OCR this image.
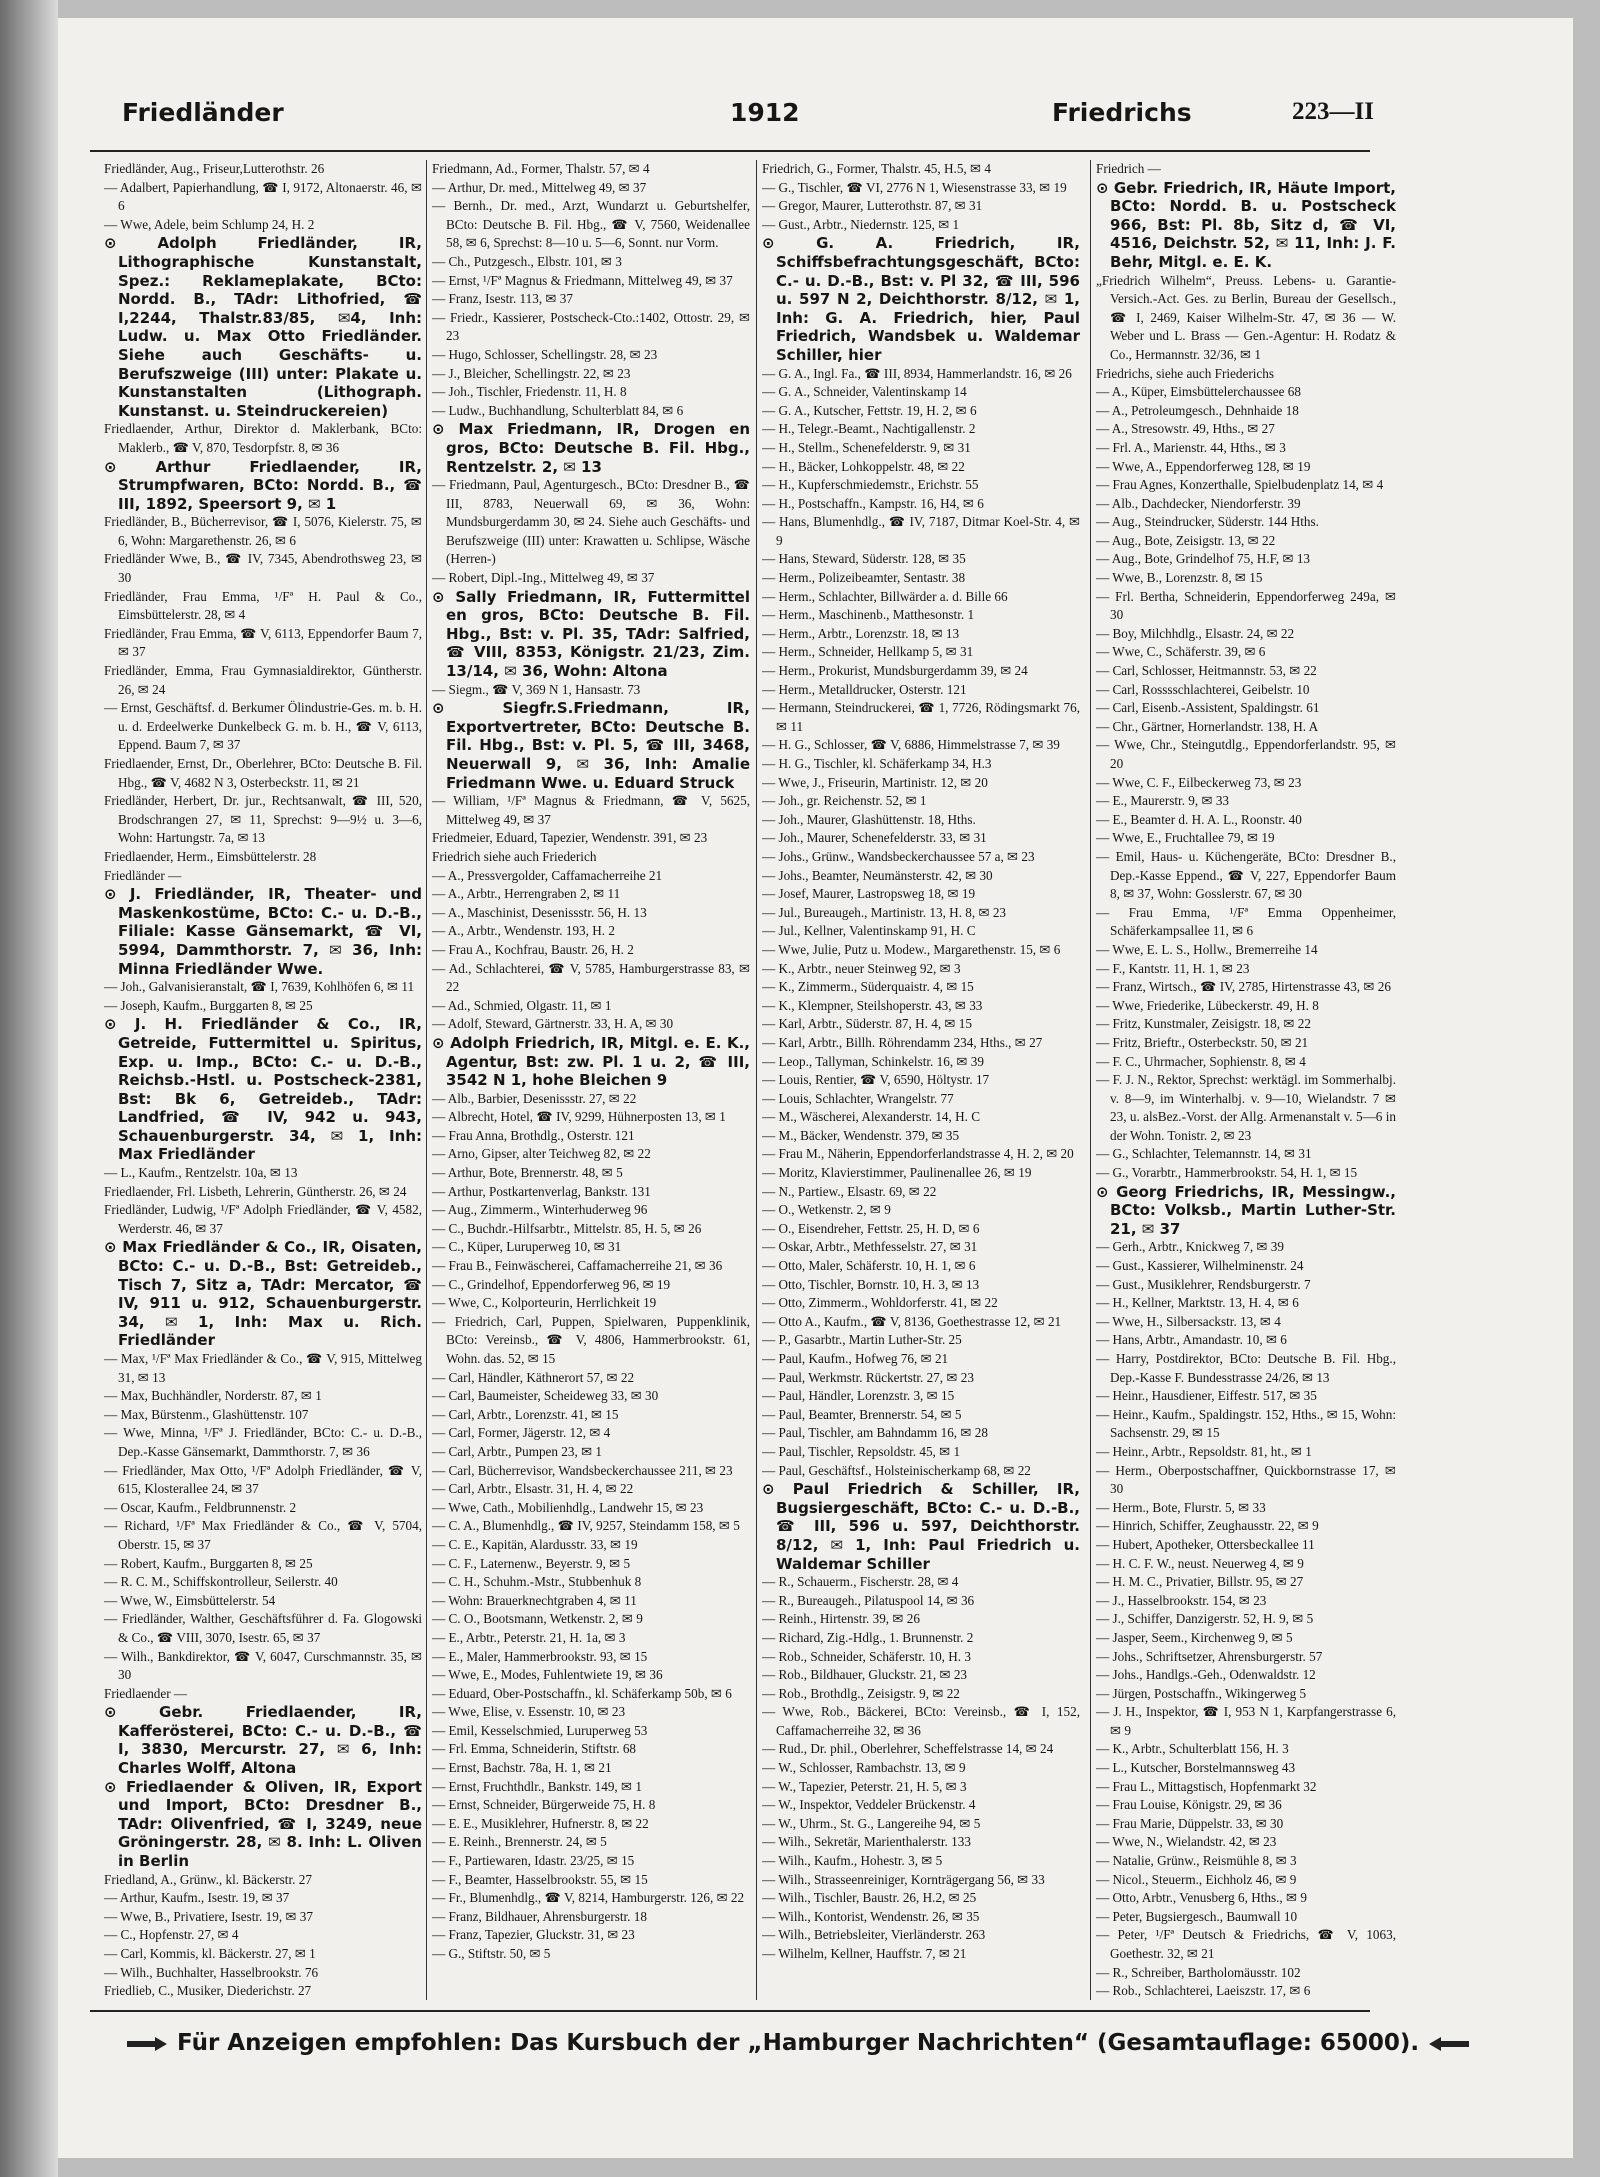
Friedländer	1912	Friedrichs	223—II

Friedländer, Aug., Friseur,Lutterothstr. 26

— Adalbert, Papierhandlung, ☎ I, 9172, Altonaerstr. 46, ✉ 6

— Wwe, Adele, beim Schlump 24, H. 2

⊙ Adolph Friedländer, IR, Lithographische Kunstanstalt, Spez.: Reklameplakate, BCto: Nordd. B., TAdr: Lithofried, ☎ I,2244, Thalstr.83/85, ✉4, Inh: Ludw. u. Max Otto Friedländer. Siehe auch Geschäfts- u. Berufszweige (III) unter: Plakate u. Kunstanstalten (Lithograph. Kunstanst. u. Steindruckereien)

Friedlaender, Arthur, Direktor d. Maklerbank, BCto: Maklerb., ☎ V, 870, Tesdorpfstr. 8, ✉ 36

⊙ Arthur Friedlaender, IR, Strumpfwaren, BCto: Nordd. B., ☎ III, 1892, Speersort 9, ✉ 1

Friedländer, B., Bücherrevisor, ☎ I, 5076, Kielerstr. 75, ✉ 6, Wohn: Margarethenstr. 26, ✉ 6

Friedländer Wwe, B., ☎ IV, 7345, Abendrothsweg 23, ✉ 30

Friedländer, Frau Emma, ¹/Fª H. Paul & Co., Eimsbüttelerstr. 28, ✉ 4

Friedländer, Frau Emma, ☎ V, 6113, Eppendorfer Baum 7, ✉ 37

Friedländer, Emma, Frau Gymnasialdirektor, Güntherstr. 26, ✉ 24

— Ernst, Geschäftsf. d. Berkumer Ölindustrie-Ges. m. b. H. u. d. Erdeelwerke Dunkelbeck G. m. b. H., ☎ V, 6113, Eppend. Baum 7, ✉ 37

Friedlaender, Ernst, Dr., Oberlehrer, BCto: Deutsche B. Fil. Hbg., ☎ V, 4682 N 3, Osterbeckstr. 11, ✉ 21

Friedländer, Herbert, Dr. jur., Rechtsanwalt, ☎ III, 520, Brodschrangen 27, ✉ 11, Sprechst: 9—9½ u. 3—6, Wohn: Hartungstr. 7a, ✉ 13

Friedlaender, Herm., Eimsbüttelerstr. 28

Friedländer —

⊙ J. Friedländer, IR, Theater- und Maskenkostüme, BCto: C.- u. D.-B., Filiale: Kasse Gänsemarkt, ☎ VI, 5994, Dammthorstr. 7, ✉ 36, Inh: Minna Friedländer Wwe.

— Joh., Galvanisieranstalt, ☎ I, 7639, Kohlhöfen 6, ✉ 11

— Joseph, Kaufm., Burggarten 8, ✉ 25

⊙ J. H. Friedländer & Co., IR, Getreide, Futtermittel u. Spiritus, Exp. u. Imp., BCto: C.- u. D.-B., Reichsb.-Hstl. u. Postscheck-2381, Bst: Bk 6, Getreideb., TAdr: Landfried, ☎ IV, 942 u. 943, Schauenburgerstr. 34, ✉ 1, Inh: Max Friedländer

— L., Kaufm., Rentzelstr. 10a, ✉ 13

Friedlaender, Frl. Lisbeth, Lehrerin, Güntherstr. 26, ✉ 24

Friedländer, Ludwig, ¹/Fª Adolph Friedländer, ☎ V, 4582, Werderstr. 46, ✉ 37

⊙ Max Friedländer & Co., IR, Oisaten, BCto: C.- u. D.-B., Bst: Getreideb., Tisch 7, Sitz a, TAdr: Mercator, ☎ IV, 911 u. 912, Schauenburgerstr. 34, ✉ 1, Inh: Max u. Rich. Friedländer

— Max, ¹/Fª Max Friedländer & Co., ☎ V, 915, Mittelweg 31, ✉ 13

— Max, Buchhändler, Norderstr. 87, ✉ 1

— Max, Bürstenm., Glashüttenstr. 107

— Wwe, Minna, ¹/Fª J. Friedländer, BCto: C.- u. D.-B., Dep.-Kasse Gänsemarkt, Dammthorstr. 7, ✉ 36

— Friedländer, Max Otto, ¹/Fª Adolph Friedländer, ☎ V, 615, Klosterallee 24, ✉ 37

— Oscar, Kaufm., Feldbrunnenstr. 2

— Richard, ¹/Fª Max Friedländer & Co., ☎ V, 5704, Oberstr. 15, ✉ 37

— Robert, Kaufm., Burggarten 8, ✉ 25

— R. C. M., Schiffskontrolleur, Seilerstr. 40

— Wwe, W., Eimsbüttelerstr. 54

— Friedländer, Walther, Geschäftsführer d. Fa. Glogowski & Co., ☎ VIII, 3070, Isestr. 65, ✉ 37

— Wilh., Bankdirektor, ☎ V, 6047, Curschmannstr. 35, ✉ 30

Friedlaender —

⊙ Gebr. Friedlaender, IR, Kafferösterei, BCto: C.- u. D.-B., ☎ I, 3830, Mercurstr. 27, ✉ 6, Inh: Charles Wolff, Altona

⊙ Friedlaender & Oliven, IR, Export und Import, BCto: Dresdner B., TAdr: Olivenfried, ☎ I, 3249, neue Gröningerstr. 28, ✉ 8. Inh: L. Oliven in Berlin

Friedland, A., Grünw., kl. Bäckerstr. 27

— Arthur, Kaufm., Isestr. 19, ✉ 37

— Wwe, B., Privatiere, Isestr. 19, ✉ 37

— C., Hopfenstr. 27, ✉ 4

— Carl, Kommis, kl. Bäckerstr. 27, ✉ 1

— Wilh., Buchhalter, Hasselbrookstr. 76

Friedlieb, C., Musiker, Diederichstr. 27

Friedmann, Ad., Former, Thalstr. 57, ✉ 4

— Arthur, Dr. med., Mittelweg 49, ✉ 37

— Bernh., Dr. med., Arzt, Wundarzt u. Geburtshelfer, BCto: Deutsche B. Fil. Hbg., ☎ V, 7560, Weidenallee 58, ✉ 6, Sprechst: 8—10 u. 5—6, Sonnt. nur Vorm.

— Ch., Putzgesch., Elbstr. 101, ✉ 3

— Ernst, ¹/Fª Magnus & Friedmann, Mittelweg 49, ✉ 37

— Franz, Isestr. 113, ✉ 37

— Friedr., Kassierer, Postscheck-Cto.:1402, Ottostr. 29, ✉ 23

— Hugo, Schlosser, Schellingstr. 28, ✉ 23

— J., Bleicher, Schellingstr. 22, ✉ 23

— Joh., Tischler, Friedenstr. 11, H. 8

— Ludw., Buchhandlung, Schulterblatt 84, ✉ 6

⊙ Max Friedmann, IR, Drogen en gros, BCto: Deutsche B. Fil. Hbg., Rentzelstr. 2, ✉ 13

— Friedmann, Paul, Agenturgesch., BCto: Dresdner B., ☎ III, 8783, Neuerwall 69, ✉ 36, Wohn: Mundsburgerdamm 30, ✉ 24. Siehe auch Geschäfts- und Berufszweige (III) unter: Krawatten u. Schlipse, Wäsche (Herren-)

— Robert, Dipl.-Ing., Mittelweg 49, ✉ 37

⊙ Sally Friedmann, IR, Futtermittel en gros, BCto: Deutsche B. Fil. Hbg., Bst: v. Pl. 35, TAdr: Salfried, ☎ VIII, 8353, Königstr. 21/23, Zim. 13/14, ✉ 36, Wohn: Altona

— Siegm., ☎ V, 369 N 1, Hansastr. 73

⊙ Siegfr.S.Friedmann, IR, Exportvertreter, BCto: Deutsche B. Fil. Hbg., Bst: v. Pl. 5, ☎ III, 3468, Neuerwall 9, ✉ 36, Inh: Amalie Friedmann Wwe. u. Eduard Struck

— William, ¹/Fª Magnus & Friedmann, ☎ V, 5625, Mittelweg 49, ✉ 37

Friedmeier, Eduard, Tapezier, Wendenstr. 391, ✉ 23

Friedrich siehe auch Friederich

— A., Pressvergolder, Caffamacherreihe 21

— A., Arbtr., Herrengraben 2, ✉ 11

— A., Maschinist, Desenissstr. 56, H. 13

— A., Arbtr., Wendenstr. 193, H. 2

— Frau A., Kochfrau, Baustr. 26, H. 2

— Ad., Schlachterei, ☎ V, 5785, Hamburgerstrasse 83, ✉ 22

— Ad., Schmied, Olgastr. 11, ✉ 1

— Adolf, Steward, Gärtnerstr. 33, H. A, ✉ 30

⊙ Adolph Friedrich, IR, Mitgl. e. E. K., Agentur, Bst: zw. Pl. 1 u. 2, ☎ III, 3542 N 1, hohe Bleichen 9

— Alb., Barbier, Desenissstr. 27, ✉ 22

— Albrecht, Hotel, ☎ IV, 9299, Hühnerposten 13, ✉ 1

— Frau Anna, Brothdlg., Osterstr. 121

— Arno, Gipser, alter Teichweg 82, ✉ 22

— Arthur, Bote, Brennerstr. 48, ✉ 5

— Arthur, Postkartenverlag, Bankstr. 131

— Aug., Zimmerm., Winterhuderweg 96

— C., Buchdr.-Hilfsarbtr., Mittelstr. 85, H. 5, ✉ 26

— C., Küper, Luruperweg 10, ✉ 31

— Frau B., Feinwäscherei, Caffamacherreihe 21, ✉ 36

— C., Grindelhof, Eppendorferweg 96, ✉ 19

— Wwe, C., Kolporteurin, Herrlichkeit 19

— Friedrich, Carl, Puppen, Spielwaren, Puppenklinik, BCto: Vereinsb., ☎ V, 4806, Hammerbrookstr. 61, Wohn. das. 52, ✉ 15

— Carl, Händler, Käthnerort 57, ✉ 22

— Carl, Baumeister, Scheideweg 33, ✉ 30

— Carl, Arbtr., Lorenzstr. 41, ✉ 15

— Carl, Former, Jägerstr. 12, ✉ 4

— Carl, Arbtr., Pumpen 23, ✉ 1

— Carl, Bücherrevisor, Wandsbeckerchaussee 211, ✉ 23

— Carl, Arbtr., Elsastr. 31, H. 4, ✉ 22

— Wwe, Cath., Mobilienhdlg., Landwehr 15, ✉ 23

— C. A., Blumenhdlg., ☎ IV, 9257, Steindamm 158, ✉ 5

— C. E., Kapitän, Alardusstr. 33, ✉ 19

— C. F., Laternenw., Beyerstr. 9, ✉ 5

— C. H., Schuhm.-Mstr., Stubbenhuk 8

— Wohn: Brauerknechtgraben 4, ✉ 11

— C. O., Bootsmann, Wetkenstr. 2, ✉ 9

— E., Arbtr., Peterstr. 21, H. 1a, ✉ 3

— E., Maler, Hammerbrookstr. 93, ✉ 15

— Wwe, E., Modes, Fuhlentwiete 19, ✉ 36

— Eduard, Ober-Postschaffn., kl. Schäferkamp 50b, ✉ 6

— Wwe, Elise, v. Essenstr. 10, ✉ 23

— Emil, Kesselschmied, Luruperweg 53

— Frl. Emma, Schneiderin, Stiftstr. 68

— Ernst, Bachstr. 78a, H. 1, ✉ 21

— Ernst, Fruchthdlr., Bankstr. 149, ✉ 1

— Ernst, Schneider, Bürgerweide 75, H. 8

— E. E., Musiklehrer, Hufnerstr. 8, ✉ 22

— E. Reinh., Brennerstr. 24, ✉ 5

— F., Partiewaren, Idastr. 23/25, ✉ 15

— F., Beamter, Hasselbrookstr. 55, ✉ 15

— Fr., Blumenhdlg., ☎ V, 8214, Hamburgerstr. 126, ✉ 22

— Franz, Bildhauer, Ahrensburgerstr. 18

— Franz, Tapezier, Gluckstr. 31, ✉ 23

— G., Stiftstr. 50, ✉ 5

Friedrich, G., Former, Thalstr. 45, H.5, ✉ 4

— G., Tischler, ☎ VI, 2776 N 1, Wiesenstrasse 33, ✉ 19

— Gregor, Maurer, Lutterothstr. 87, ✉ 31

— Gust., Arbtr., Niedernstr. 125, ✉ 1

⊙ G. A. Friedrich, IR, Schiffsbefrachtungsgeschäft, BCto: C.- u. D.-B., Bst: v. Pl 32, ☎ III, 596 u. 597 N 2, Deichthorstr. 8/12, ✉ 1, Inh: G. A. Friedrich, hier, Paul Friedrich, Wandsbek u. Waldemar Schiller, hier

— G. A., Ingl. Fa., ☎ III, 8934, Hammerlandstr. 16, ✉ 26

— G. A., Schneider, Valentinskamp 14

— G. A., Kutscher, Fettstr. 19, H. 2, ✉ 6

— H., Telegr.-Beamt., Nachtigallenstr. 2

— H., Stellm., Schenefelderstr. 9, ✉ 31

— H., Bäcker, Lohkoppelstr. 48, ✉ 22

— H., Kupferschmiedemstr., Erichstr. 55

— H., Postschaffn., Kampstr. 16, H4, ✉ 6

— Hans, Blumenhdlg., ☎ IV, 7187, Ditmar Koel-Str. 4, ✉ 9

— Hans, Steward, Süderstr. 128, ✉ 35

— Herm., Polizeibeamter, Sentastr. 38

— Herm., Schlachter, Billwärder a. d. Bille 66

— Herm., Maschinenb., Matthesonstr. 1

— Herm., Arbtr., Lorenzstr. 18, ✉ 13

— Herm., Schneider, Hellkamp 5, ✉ 31

— Herm., Prokurist, Mundsburgerdamm 39, ✉ 24

— Herm., Metalldrucker, Osterstr. 121

— Hermann, Steindruckerei, ☎ 1, 7726, Rödingsmarkt 76, ✉ 11

— H. G., Schlosser, ☎ V, 6886, Himmelstrasse 7, ✉ 39

— H. G., Tischler, kl. Schäferkamp 34, H.3

— Wwe, J., Friseurin, Martinistr. 12, ✉ 20

— Joh., gr. Reichenstr. 52, ✉ 1

— Joh., Maurer, Glashüttenstr. 18, Hths.

— Joh., Maurer, Schenefelderstr. 33, ✉ 31

— Johs., Grünw., Wandsbeckerchaussee 57 a, ✉ 23

— Johs., Beamter, Neumänsterstr. 42, ✉ 30

— Josef, Maurer, Lastropsweg 18, ✉ 19

— Jul., Bureaugeh., Martinistr. 13, H. 8, ✉ 23

— Jul., Kellner, Valentinskamp 91, H. C

— Wwe, Julie, Putz u. Modew., Margarethenstr. 15, ✉ 6

— K., Arbtr., neuer Steinweg 92, ✉ 3

— K., Zimmerm., Süderquaistr. 4, ✉ 15

— K., Klempner, Steilshoperstr. 43, ✉ 33

— Karl, Arbtr., Süderstr. 87, H. 4, ✉ 15

— Karl, Arbtr., Billh. Röhrendamm 234, Hths., ✉ 27

— Leop., Tallyman, Schinkelstr. 16, ✉ 39

— Louis, Rentier, ☎ V, 6590, Höltystr. 17

— Louis, Schlachter, Wrangelstr. 77

— M., Wäscherei, Alexanderstr. 14, H. C

— M., Bäcker, Wendenstr. 379, ✉ 35

— Frau M., Näherin, Eppendorferlandstrasse 4, H. 2, ✉ 20

— Moritz, Klavierstimmer, Paulinenallee 26, ✉ 19

— N., Partiew., Elsastr. 69, ✉ 22

— O., Wetkenstr. 2, ✉ 9

— O., Eisendreher, Fettstr. 25, H. D, ✉ 6

— Oskar, Arbtr., Methfesselstr. 27, ✉ 31

— Otto, Maler, Schäferstr. 10, H. 1, ✉ 6

— Otto, Tischler, Bornstr. 10, H. 3, ✉ 13

— Otto, Zimmerm., Wohldorferstr. 41, ✉ 22

— Otto A., Kaufm., ☎ V, 8136, Goethestrasse 12, ✉ 21

— P., Gasarbtr., Martin Luther-Str. 25

— Paul, Kaufm., Hofweg 76, ✉ 21

— Paul, Werkmstr. Rückertstr. 27, ✉ 23

— Paul, Händler, Lorenzstr. 3, ✉ 15

— Paul, Beamter, Brennerstr. 54, ✉ 5

— Paul, Tischler, am Bahndamm 16, ✉ 28

— Paul, Tischler, Repsoldstr. 45, ✉ 1

— Paul, Geschäftsf., Holsteinischerkamp 68, ✉ 22

⊙ Paul Friedrich & Schiller, IR, Bugsiergeschäft, BCto: C.- u. D.-B., ☎ III, 596 u. 597, Deichthorstr. 8/12, ✉ 1, Inh: Paul Friedrich u. Waldemar Schiller

— R., Schauerm., Fischerstr. 28, ✉ 4

— R., Bureaugeh., Pilatuspool 14, ✉ 36

— Reinh., Hirtenstr. 39, ✉ 26

— Richard, Zig.-Hdlg., 1. Brunnenstr. 2

— Rob., Schneider, Schäferstr. 10, H. 3

— Rob., Bildhauer, Gluckstr. 21, ✉ 23

— Rob., Brothdlg., Zeisigstr. 9, ✉ 22

— Wwe, Rob., Bäckerei, BCto: Vereinsb., ☎ I, 152, Caffamacherreihe 32, ✉ 36

— Rud., Dr. phil., Oberlehrer, Scheffelstrasse 14, ✉ 24

— W., Schlosser, Rambachstr. 13, ✉ 9

— W., Tapezier, Peterstr. 21, H. 5, ✉ 3

— W., Inspektor, Veddeler Brückenstr. 4

— W., Uhrm., St. G., Langereihe 94, ✉ 5

— Wilh., Sekretär, Marienthalerstr. 133

— Wilh., Kaufm., Hohestr. 3, ✉ 5

— Wilh., Strasseenreiniger, Kornträgergang 56, ✉ 33

— Wilh., Tischler, Baustr. 26, H.2, ✉ 25

— Wilh., Kontorist, Wendenstr. 26, ✉ 35

— Wilh., Betriebsleiter, Vierländerstr. 263

— Wilhelm, Kellner, Hauffstr. 7, ✉ 21

Friedrich —

⊙ Gebr. Friedrich, IR, Häute Import, BCto: Nordd. B. u. Postscheck 966, Bst: Pl. 8b, Sitz d, ☎ VI, 4516, Deichstr. 52, ✉ 11, Inh: J. F. Behr, Mitgl. e. E. K.

„Friedrich Wilhelm“, Preuss. Lebens- u. Garantie-Versich.-Act. Ges. zu Berlin, Bureau der Gesellsch., ☎ I, 2469, Kaiser Wilhelm-Str. 47, ✉ 36 — W. Weber und L. Brass — Gen.-Agentur: H. Rodatz & Co., Hermannstr. 32/36, ✉ 1

Friedrichs, siehe auch Friederichs

— A., Küper, Eimsbüttelerchaussee 68

— A., Petroleumgesch., Dehnhaide 18

— A., Stresowstr. 49, Hths., ✉ 27

— Frl. A., Marienstr. 44, Hths., ✉ 3

— Wwe, A., Eppendorferweg 128, ✉ 19

— Frau Agnes, Konzerthalle, Spielbudenplatz 14, ✉ 4

— Alb., Dachdecker, Niendorferstr. 39

— Aug., Steindrucker, Süderstr. 144 Hths.

— Aug., Bote, Zeisigstr. 13, ✉ 22

— Aug., Bote, Grindelhof 75, H.F, ✉ 13

— Wwe, B., Lorenzstr. 8, ✉ 15

— Frl. Bertha, Schneiderin, Eppendorferweg 249a, ✉ 30

— Boy, Milchhdlg., Elsastr. 24, ✉ 22

— Wwe, C., Schäferstr. 39, ✉ 6

— Carl, Schlosser, Heitmannstr. 53, ✉ 22

— Carl, Rosssschlachterei, Geibelstr. 10

— Carl, Eisenb.-Assistent, Spaldingstr. 61

— Chr., Gärtner, Hornerlandstr. 138, H. A

— Wwe, Chr., Steingutdlg., Eppendorferlandstr. 95, ✉ 20

— Wwe, C. F., Eilbeckerweg 73, ✉ 23

— E., Maurerstr. 9, ✉ 33

— E., Beamter d. H. A. L., Roonstr. 40

— Wwe, E., Fruchtallee 79, ✉ 19

— Emil, Haus- u. Küchengeräte, BCto: Dresdner B., Dep.-Kasse Eppend., ☎ V, 227, Eppendorfer Baum 8, ✉ 37, Wohn: Gosslerstr. 67, ✉ 30

— Frau Emma, ¹/Fª Emma Oppenheimer, Schäferkampsallee 11, ✉ 6

— Wwe, E. L. S., Hollw., Bremerreihe 14

— F., Kantstr. 11, H. 1, ✉ 23

— Franz, Wirtsch., ☎ IV, 2785, Hirtenstrasse 43, ✉ 26

— Wwe, Friederike, Lübeckerstr. 49, H. 8

— Fritz, Kunstmaler, Zeisigstr. 18, ✉ 22

— Fritz, Brieftr., Osterbeckstr. 50, ✉ 21

— F. C., Uhrmacher, Sophienstr. 8, ✉ 4

— F. J. N., Rektor, Sprechst: werktägl. im Sommerhalbj. v. 8—9, im Winterhalbj. v. 9—10, Wielandstr. 7 ✉ 23, u. alsBez.-Vorst. der Allg. Armenanstalt v. 5—6 in der Wohn. Tonistr. 2, ✉ 23

— G., Schlachter, Telemannstr. 14, ✉ 31

— G., Vorarbtr., Hammerbrookstr. 54, H. 1, ✉ 15

⊙ Georg Friedrichs, IR, Messingw., BCto: Volksb., Martin Luther-Str. 21, ✉ 37

— Gerh., Arbtr., Knickweg 7, ✉ 39

— Gust., Kassierer, Wilhelminenstr. 24

— Gust., Musiklehrer, Rendsburgerstr. 7

— H., Kellner, Marktstr. 13, H. 4, ✉ 6

— Wwe, H., Silbersackstr. 13, ✉ 4

— Hans, Arbtr., Amandastr. 10, ✉ 6

— Harry, Postdirektor, BCto: Deutsche B. Fil. Hbg., Dep.-Kasse F. Bundesstrasse 24/26, ✉ 13

— Heinr., Hausdiener, Eiffestr. 517, ✉ 35

— Heinr., Kaufm., Spaldingstr. 152, Hths., ✉ 15, Wohn: Sachsenstr. 29, ✉ 15

— Heinr., Arbtr., Repsoldstr. 81, ht., ✉ 1

— Herm., Oberpostschaffner, Quickbornstrasse 17, ✉ 30

— Herm., Bote, Flurstr. 5, ✉ 33

— Hinrich, Schiffer, Zeughausstr. 22, ✉ 9

— Hubert, Apotheker, Ottersbeckallee 11

— H. C. F. W., neust. Neuerweg 4, ✉ 9

— H. M. C., Privatier, Billstr. 95, ✉ 27

— J., Hasselbrookstr. 154, ✉ 23

— J., Schiffer, Danzigerstr. 52, H. 9, ✉ 5

— Jasper, Seem., Kirchenweg 9, ✉ 5

— Johs., Schriftsetzer, Ahrensburgerstr. 57

— Johs., Handlgs.-Geh., Odenwaldstr. 12

— Jürgen, Postschaffn., Wikingerweg 5

— J. H., Inspektor, ☎ I, 953 N 1, Karpfangerstrasse 6, ✉ 9

— K., Arbtr., Schulterblatt 156, H. 3

— L., Kutscher, Borstelmannsweg 43

— Frau L., Mittagstisch, Hopfenmarkt 32

— Frau Louise, Königstr. 29, ✉ 36

— Frau Marie, Düppelstr. 33, ✉ 30

— Wwe, N., Wielandstr. 42, ✉ 23

— Natalie, Grünw., Reismühle 8, ✉ 3

— Nicol., Steuerm., Eichholz 46, ✉ 9

— Otto, Arbtr., Venusberg 6, Hths., ✉ 9

— Peter, Bugsiergesch., Baumwall 10

— Peter, ¹/Fª Deutsch & Friedrichs, ☎ V, 1063, Goethestr. 32, ✉ 21

— R., Schreiber, Bartholomäusstr. 102

— Rob., Schlachterei, Laeiszstr. 17, ✉ 6

Für Anzeigen empfohlen: Das Kursbuch der „Hamburger Nachrichten“ (Gesamtauflage: 65000).
